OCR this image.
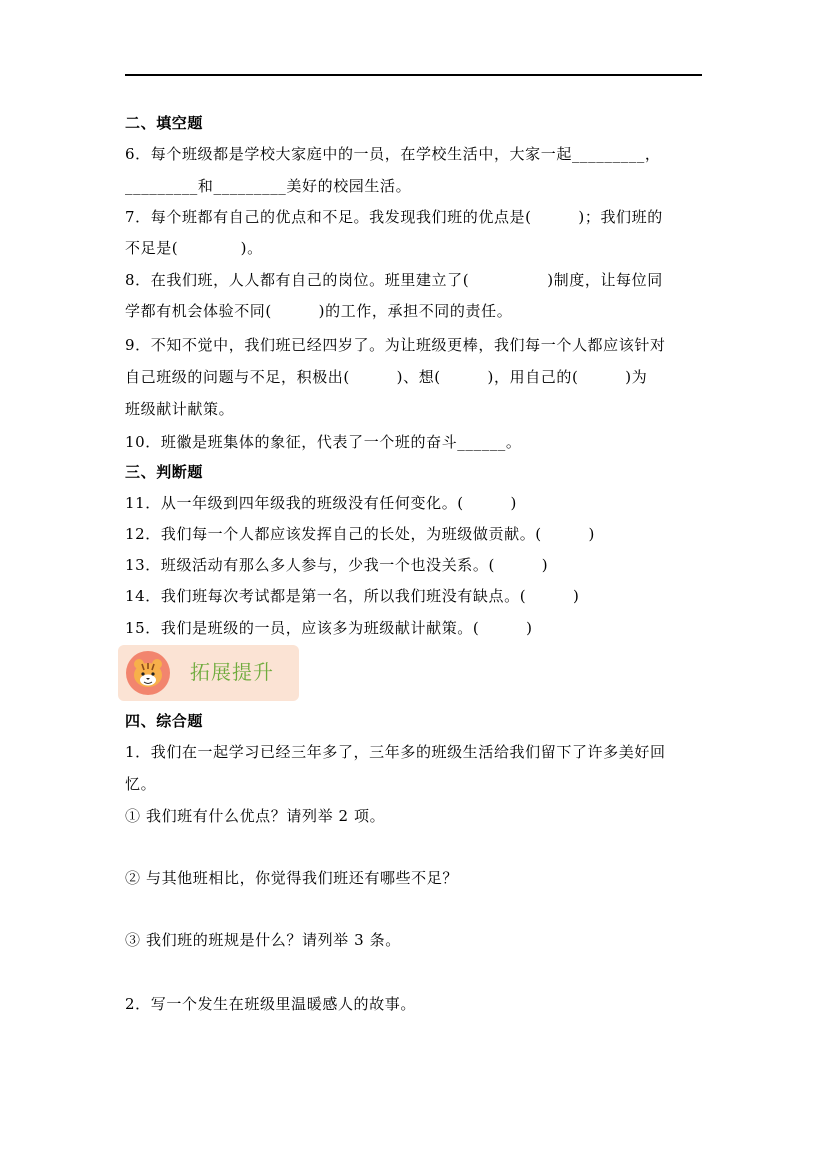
二、填空题
6．每个班级都是学校大家庭中的一员，在学校生活中，大家一起_________，
_________和_________美好的校园生活。
7．每个班都有自己的优点和不足。我发现我们班的优点是(　　　)；我们班的
不足是(　　　　)。
8．在我们班，人人都有自己的岗位。班里建立了(　　　　　)制度，让每位同
学都有机会体验不同(　　　)的工作，承担不同的责任。
9．不知不觉中，我们班已经四岁了。为让班级更棒，我们每一个人都应该针对
自己班级的问题与不足，积极出(　　　)、想(　　　)，用自己的(　　　)为
班级献计献策。
10．班徽是班集体的象征，代表了一个班的奋斗______。
三、判断题
11．从一年级到四年级我的班级没有任何变化。(　　　)
12．我们每一个人都应该发挥自己的长处，为班级做贡献。(　　　)
13．班级活动有那么多人参与，少我一个也没关系。(　　　)
14．我们班每次考试都是第一名，所以我们班没有缺点。(　　　)
15．我们是班级的一员，应该多为班级献计献策。(　　　)
拓展提升
四、综合题
1．我们在一起学习已经三年多了，三年多的班级生活给我们留下了许多美好回
忆。
① 我们班有什么优点？请列举 2 项。
② 与其他班相比，你觉得我们班还有哪些不足？
③ 我们班的班规是什么？请列举 3 条。
2．写一个发生在班级里温暖感人的故事。
